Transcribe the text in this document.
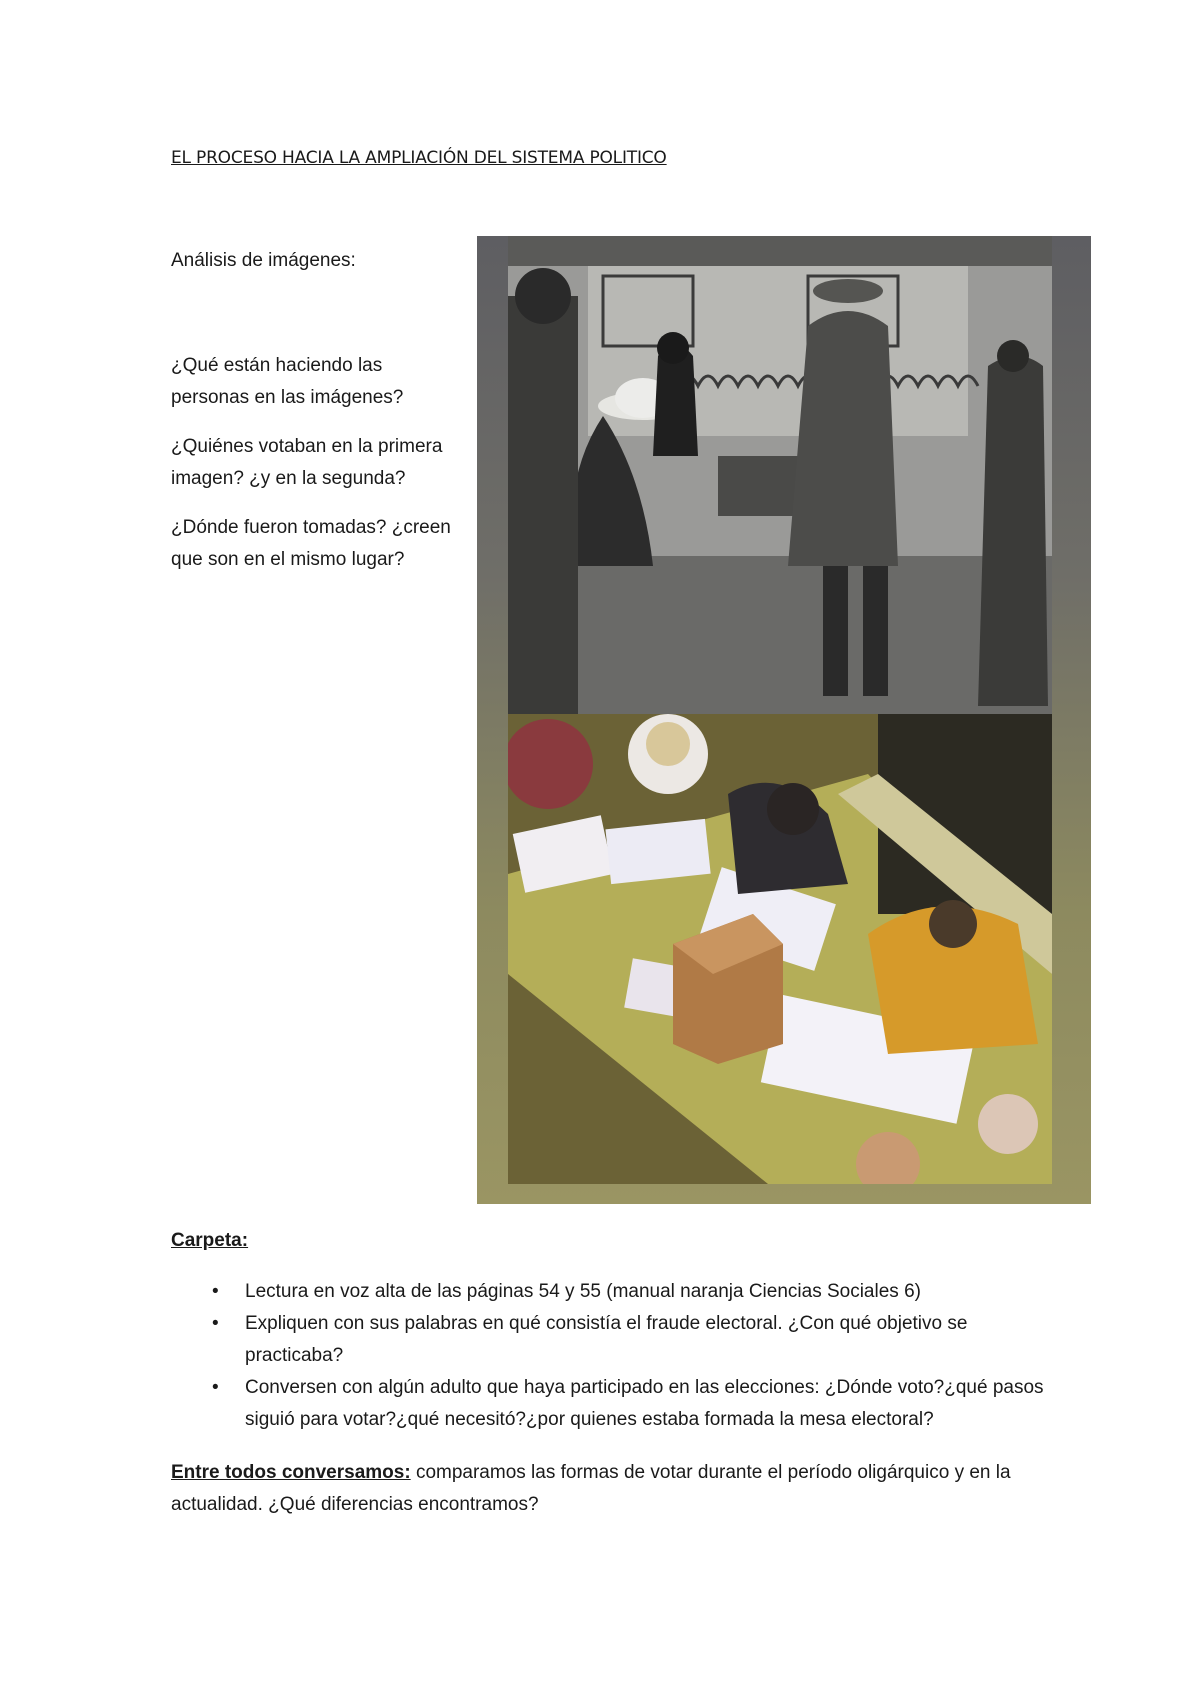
EL PROCESO HACIA LA AMPLIACIÓN DEL SISTEMA POLITICO

Análisis de imágenes:

¿Qué están haciendo las personas en las imágenes?

¿Quiénes votaban en la primera imagen? ¿y en la segunda?

¿Dónde fueron tomadas? ¿creen que son en el mismo lugar?

Carpeta:
• Lectura en voz alta de las páginas 54 y 55 (manual naranja Ciencias Sociales 6)
• Expliquen con sus palabras en qué consistía el fraude electoral. ¿Con qué objetivo se practicaba?
• Conversen con algún adulto que haya participado en las elecciones: ¿Dónde voto?¿qué pasos siguió para votar?¿qué necesitó?¿por quienes estaba formada la mesa electoral?
Entre todos conversamos: comparamos las formas de votar durante el período oligárquico y en la actualidad. ¿Qué diferencias encontramos?
